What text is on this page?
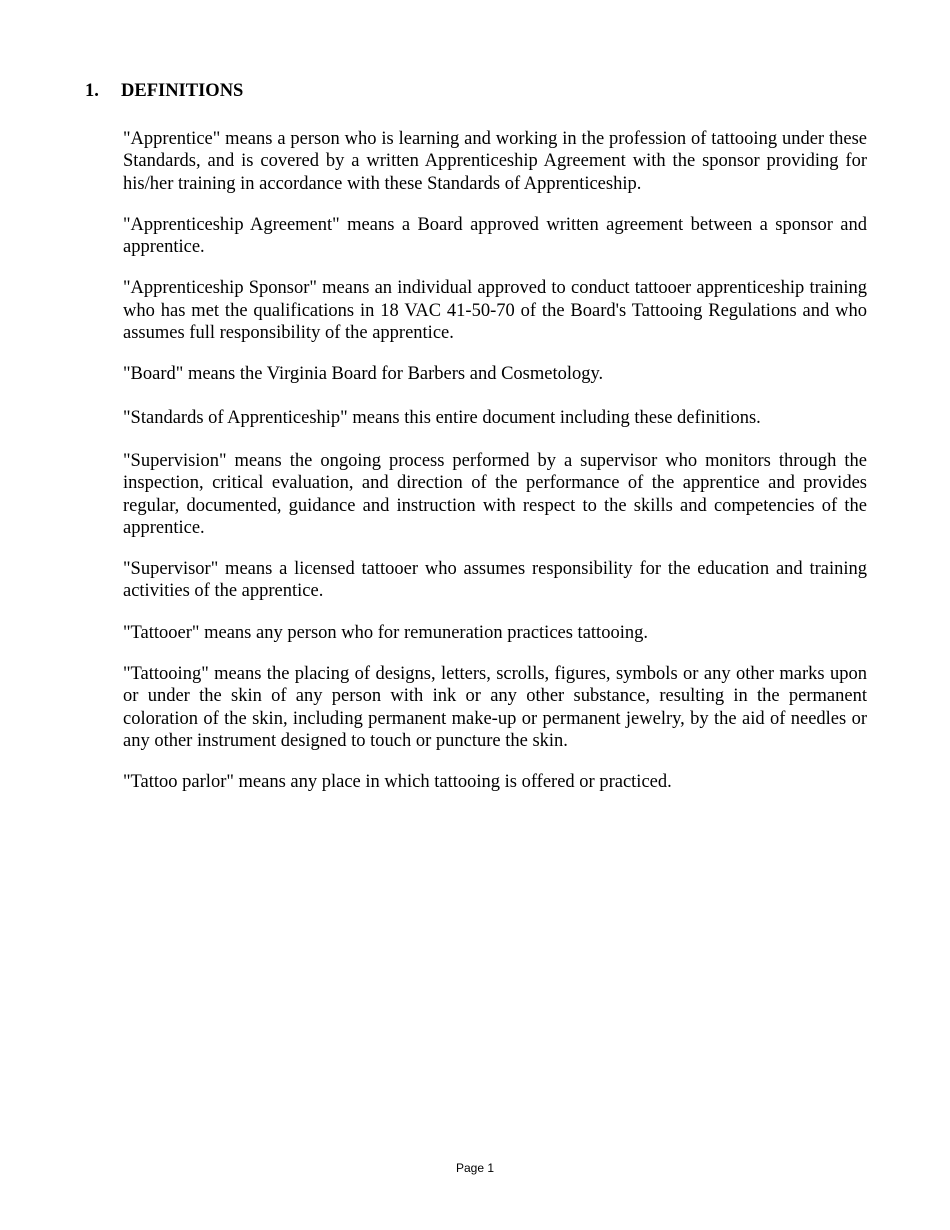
1. DEFINITIONS

"Apprentice" means a person who is learning and working in the profession of tattooing under these Standards, and is covered by a written Apprenticeship Agreement with the sponsor providing for his/her training in accordance with these Standards of Apprenticeship.

"Apprenticeship Agreement" means a Board approved written agreement between a sponsor and apprentice.

"Apprenticeship Sponsor" means an individual approved to conduct tattooer apprenticeship training who has met the qualifications in 18 VAC 41-50-70 of the Board's Tattooing Regulations and who assumes full responsibility of the apprentice.

"Board" means the Virginia Board for Barbers and Cosmetology.

"Standards of Apprenticeship" means this entire document including these definitions.

"Supervision" means the ongoing process performed by a supervisor who monitors through the inspection, critical evaluation, and direction of the performance of the apprentice and provides regular, documented, guidance and instruction with respect to the skills and competencies of the apprentice.

"Supervisor" means a licensed tattooer who assumes responsibility for the education and training activities of the apprentice.

"Tattooer" means any person who for remuneration practices tattooing.

"Tattooing" means the placing of designs, letters, scrolls, figures, symbols or any other marks upon or under the skin of any person with ink or any other substance, resulting in the permanent coloration of the skin, including permanent make-up or permanent jewelry, by the aid of needles or any other instrument designed to touch or puncture the skin.

"Tattoo parlor" means any place in which tattooing is offered or practiced.

Page 1
